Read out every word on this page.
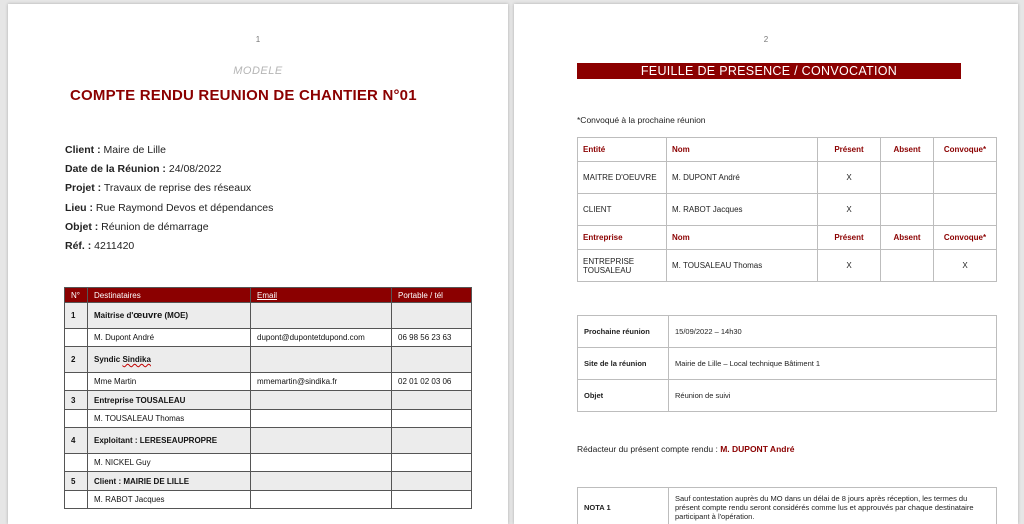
1
MODELE
COMPTE RENDU REUNION DE CHANTIER N°01
Client : Maire de Lille
Date de la Réunion : 24/08/2022
Projet : Travaux de reprise des réseaux
Lieu : Rue Raymond Devos et dépendances
Objet : Réunion de démarrage
Réf. : 4211420
N°	Destinataires	Email	Portable / tél
1	Maitrise d'œuvre (MOE)		
	M. Dupont André	dupont@dupontetdupond.com	06 98 56 23 63
2	Syndic Sindika		
	Mme Martin	mmemartin@sindika.fr	02 01 02 03 06
3	Entreprise TOUSALEAU		
	M. TOUSALEAU Thomas		
4	Exploitant : LERESEAUPROPRE		
	M. NICKEL Guy		
5	Client : MAIRIE DE LILLE		
	M. RABOT Jacques		
2
FEUILLE DE PRESENCE / CONVOCATION
*Convoqué à la prochaine réunion
Entité	Nom	Présent	Absent	Convoque*
MAITRE D'OEUVRE	M. DUPONT André	X		
CLIENT	M. RABOT Jacques	X		
Entreprise	Nom	Présent	Absent	Convoque*
ENTREPRISE TOUSALEAU	M. TOUSALEAU Thomas	X		X
Prochaine réunion	15/09/2022 – 14h30
Site de la réunion	Mairie de Lille – Local technique Bâtiment 1
Objet	Réunion de suivi
Rédacteur du présent compte rendu : M. DUPONT André
NOTA 1	Sauf contestation auprès du MO dans un délai de 8 jours après réception, les termes du présent compte rendu seront considérés comme lus et approuvés par chaque destinataire participant à l'opération.
